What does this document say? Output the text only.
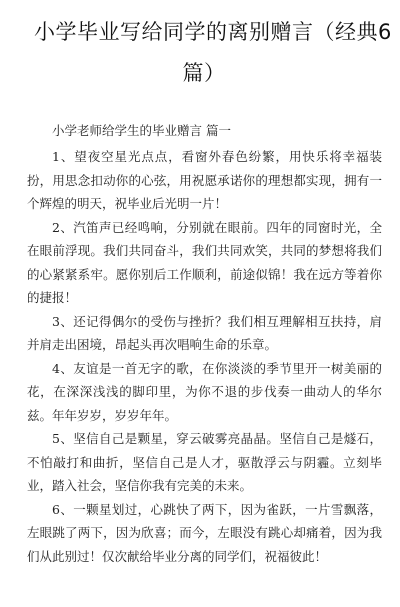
小学毕业写给同学的离别赠言（经典6
篇）
小学老师给学生的毕业赠言 篇一

1、望夜空星光点点，看窗外春色纷繁，用快乐将幸福装扮，用思念扣动你的心弦，用祝愿承诺你的理想都实现，拥有一个辉煌的明天，祝毕业后光明一片！

2、汽笛声已经鸣响，分别就在眼前。四年的同窗时光，全在眼前浮现。我们共同奋斗，我们共同欢笑，共同的梦想将我们的心紧紧系牢。愿你别后工作顺利，前途似锦！我在远方等着你的捷报！

3、还记得偶尔的受伤与挫折？我们相互理解相互扶持，肩并肩走出困境，昂起头再次唱响生命的乐章。

4、友谊是一首无字的歌，在你淡淡的季节里开一树美丽的花，在深深浅浅的脚印里，为你不退的步伐奏一曲动人的华尔兹。年年岁岁，岁岁年年。

5、坚信自己是颗星，穿云破雾亮晶晶。坚信自己是燧石，不怕敲打和曲折，坚信自己是人才，驱散浮云与阴霾。立刻毕业，踏入社会，坚信你我有完美的未来。

6、一颗星划过，心跳快了两下，因为雀跃，一片雪飘落，左眼跳了两下，因为欣喜；而今，左眼没有跳心却痛着，因为我们从此别过！仅次献给毕业分离的同学们，祝福彼此！
